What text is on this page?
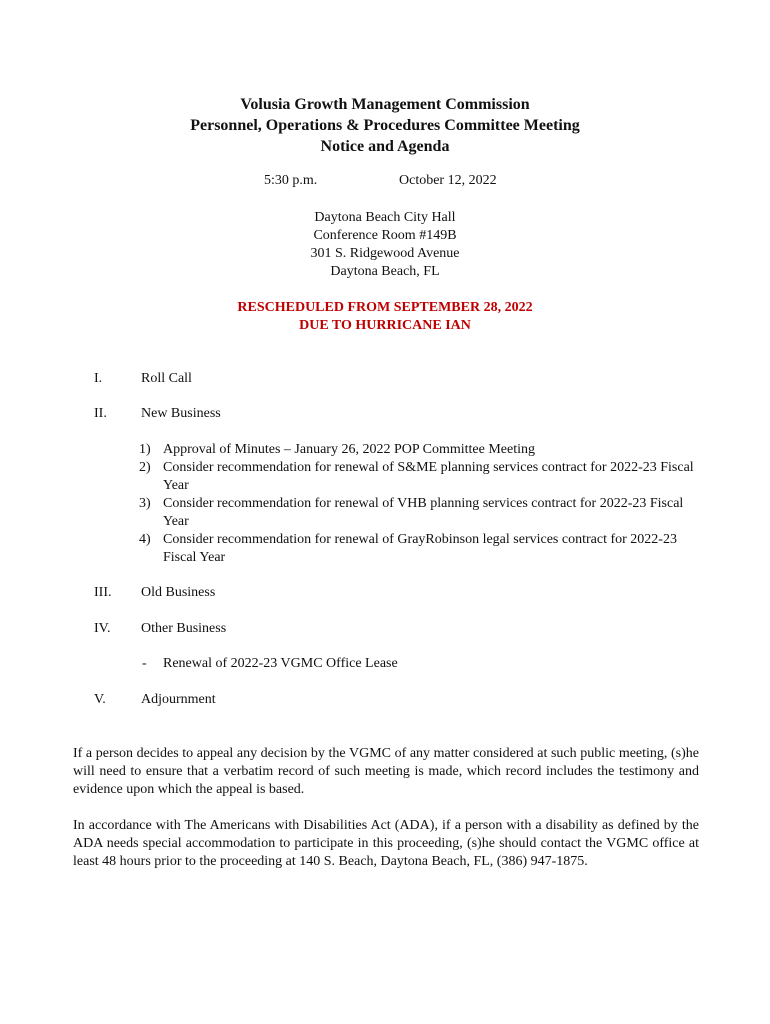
Volusia Growth Management Commission
Personnel, Operations & Procedures Committee Meeting
Notice and Agenda
5:30 p.m.	October 12, 2022
Daytona Beach City Hall
Conference Room #149B
301 S. Ridgewood Avenue
Daytona Beach, FL
RESCHEDULED FROM SEPTEMBER 28, 2022
DUE TO HURRICANE IAN
I.	Roll Call
II. New Business
1) Approval of Minutes – January 26, 2022 POP Committee Meeting
2) Consider recommendation for renewal of S&ME planning services contract for 2022-23 Fiscal Year
3) Consider recommendation for renewal of VHB planning services contract for 2022-23 Fiscal Year
4) Consider recommendation for renewal of GrayRobinson legal services contract for 2022-23 Fiscal Year
III. Old Business
IV. Other Business
- Renewal of 2022-23 VGMC Office Lease
V.	Adjournment
If a person decides to appeal any decision by the VGMC of any matter considered at such public meeting, (s)he will need to ensure that a verbatim record of such meeting is made, which record includes the testimony and evidence upon which the appeal is based.
In accordance with The Americans with Disabilities Act (ADA), if a person with a disability as defined by the ADA needs special accommodation to participate in this proceeding, (s)he should contact the VGMC office at least 48 hours prior to the proceeding at 140 S. Beach, Daytona Beach, FL, (386) 947-1875.
